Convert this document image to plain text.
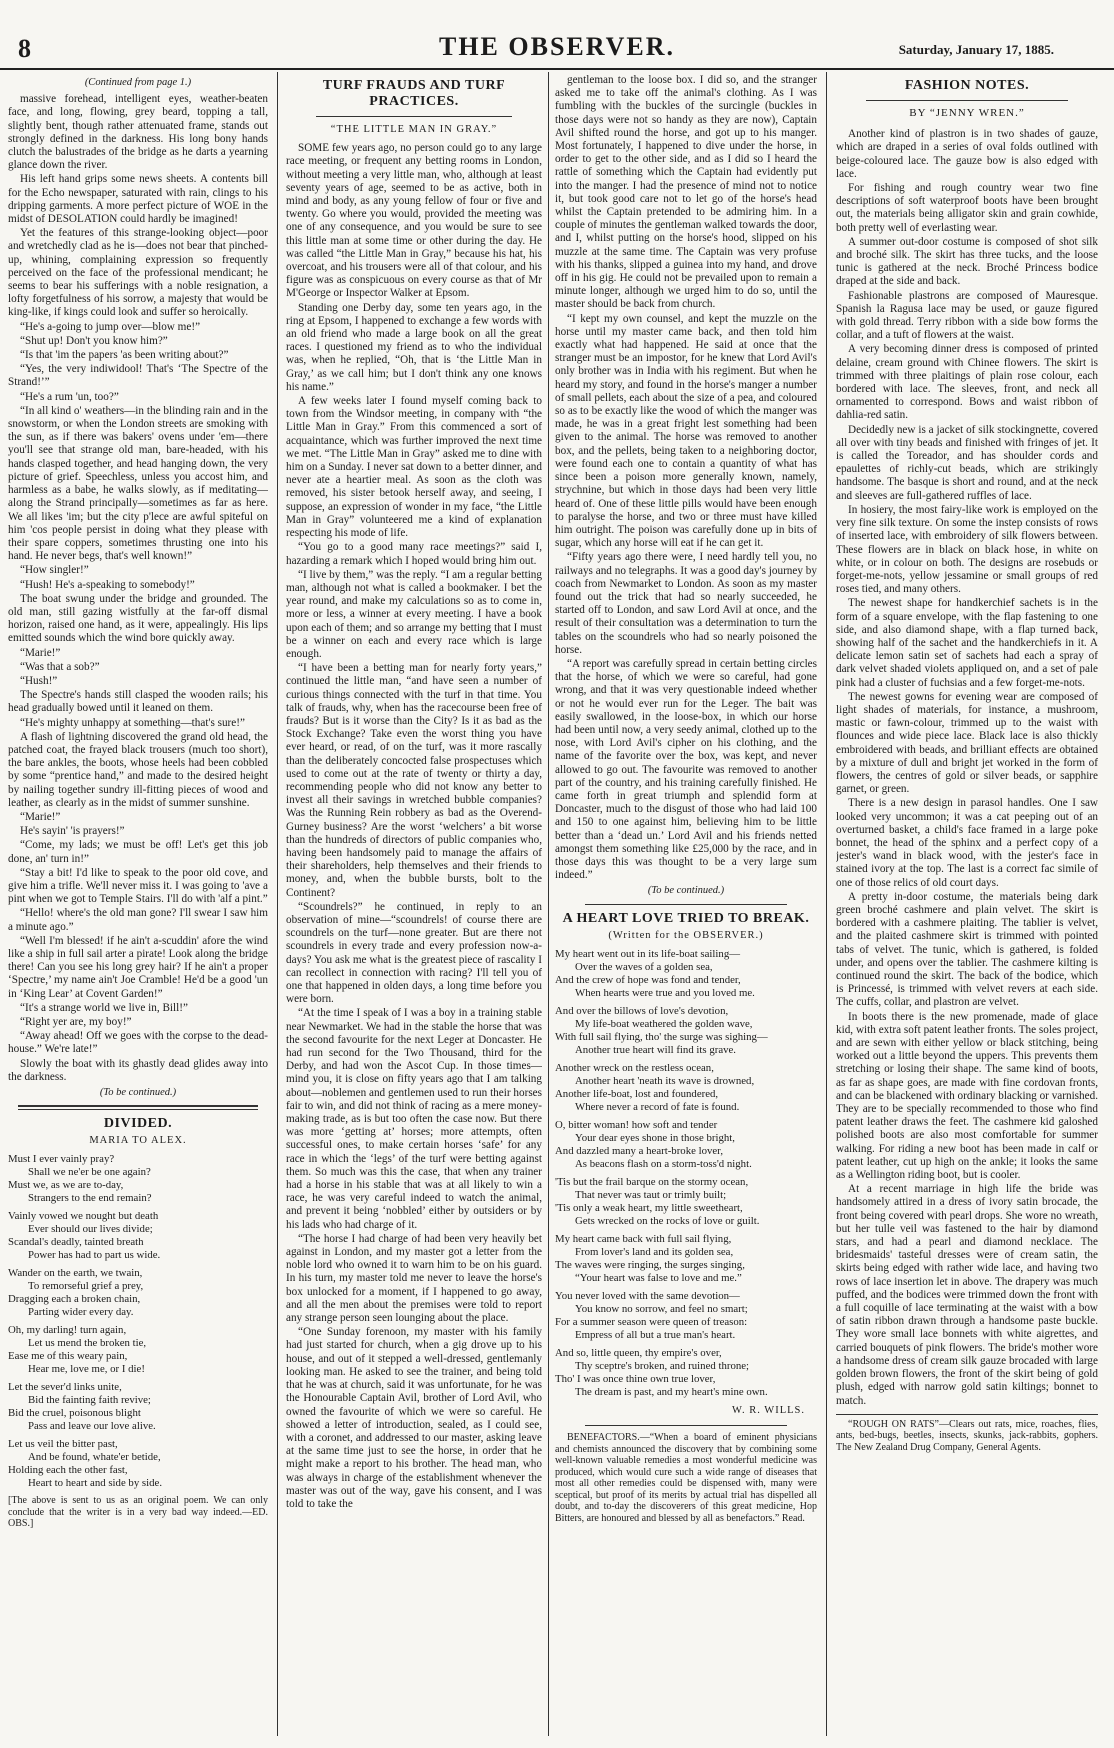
8	THE OBSERVER.	Saturday, January 17, 1885.
(Continued from page 1.)

massive forehead, intelligent eyes, weather-beaten face, and long, flowing, grey beard, topping a tall, slightly bent, though rather attenuated frame, stands out strongly defined in the darkness. His long bony hands clutch the balustrades of the bridge as he darts a yearning glance down the river.

His left hand grips some news sheets. A contents bill for the Echo newspaper, saturated with rain, clings to his dripping garments. A more perfect picture of WOE in the midst of DESOLATION could hardly be imagined!

Yet the features of this strange-looking object—poor and wretchedly clad as he is—does not bear that pinched-up, whining, complaining expression so frequently perceived on the face of the professional mendicant; he seems to bear his sufferings with a noble resignation, a lofty forgetfulness of his sorrow, a majesty that would be king-like, if kings could look and suffer so heroically.

“He's a-going to jump over—blow me!”

“Shut up! Don't you know him?”

“Is that 'im the papers 'as been writing about?”

“Yes, the very indiwidool! That's ‘The Spectre of the Strand!’”

“He's a rum 'un, too?”

“In all kind o' weathers—in the blinding rain and in the snowstorm, or when the London streets are smoking with the sun, as if there was bakers' ovens under 'em—there you'll see that strange old man, bare-headed, with his hands clasped together, and head hanging down, the very picture of grief. Speechless, unless you accost him, and harmless as a babe, he walks slowly, as if meditating—along the Strand principally—sometimes as far as here. We all likes 'im; but the city p'lece are awful spiteful on him 'cos people persist in doing what they please with their spare coppers, sometimes thrusting one into his hand. He never begs, that's well known!”

“How singler!”

“Hush! He's a-speaking to somebody!”

The boat swung under the bridge and grounded. The old man, still gazing wistfully at the far-off dismal horizon, raised one hand, as it were, appealingly. His lips emitted sounds which the wind bore quickly away.

“Marie!”

“Was that a sob?”

“Hush!”

The Spectre's hands still clasped the wooden rails; his head gradually bowed until it leaned on them.

“He's mighty unhappy at something—that's sure!”

A flash of lightning discovered the grand old head, the patched coat, the frayed black trousers (much too short), the bare ankles, the boots, whose heels had been cobbled by some “prentice hand,” and made to the desired height by nailing together sundry ill-fitting pieces of wood and leather, as clearly as in the midst of summer sunshine.

“Marie!”

He's sayin' 'is prayers!”

“Come, my lads; we must be off! Let's get this job done, an' turn in!”

“Stay a bit! I'd like to speak to the poor old cove, and give him a trifle. We'll never miss it. I was going to 'ave a pint when we got to Temple Stairs. I'll do with 'alf a pint.”

“Hello! where's the old man gone? I'll swear I saw him a minute ago.”

“Well I'm blessed! if he ain't a-scuddin' afore the wind like a ship in full sail arter a pirate! Look along the bridge there! Can you see his long grey hair? If he ain't a proper ‘Spectre,’ my name ain't Joe Cramble! He'd be a good 'un in ‘King Lear’ at Covent Garden!”

“It's a strange world we live in, Bill!”

“Right yer are, my boy!”

“Away ahead! Off we goes with the corpse to the dead-house.” We're late!”

Slowly the boat with its ghastly dead glides away into the darkness.

(To be continued.)
DIVIDED.
MARIA TO ALEX.
Must I ever vainly pray?
Shall we ne'er be one again?
Must we, as we are to-day,
Strangers to the end remain?
Vainly vowed we nought but death
Ever should our lives divide;
Scandal's deadly, tainted breath
Power has had to part us wide.
Wander on the earth, we twain,
To remorseful grief a prey,
Dragging each a broken chain,
Parting wider every day.
Oh, my darling! turn again,
Let us mend the broken tie,
Ease me of this weary pain,
Hear me, love me, or I die!
Let the sever'd links unite,
Bid the fainting faith revive;
Bid the cruel, poisonous blight
Pass and leave our love alive.
Let us veil the bitter past,
And be found, whate'er betide,
Holding each the other fast,
Heart to heart and side by side.

[The above is sent to us as an original poem. We can only conclude that the writer is in a very bad way indeed.—ED. OBS.]

TURF FRAUDS AND TURF PRACTICES.
“THE LITTLE MAN IN GRAY.”

SOME few years ago, no person could go to any large race meeting, or frequent any betting rooms in London, without meeting a very little man, who, although at least seventy years of age, seemed to be as active, both in mind and body, as any young fellow of four or five and twenty. Go where you would, provided the meeting was one of any consequence, and you would be sure to see this little man at some time or other during the day. He was called “the Little Man in Gray,” because his hat, his overcoat, and his trousers were all of that colour, and his figure was as conspicuous on every course as that of Mr M'George or Inspector Walker at Epsom.

Standing one Derby day, some ten years ago, in the ring at Epsom, I happened to exchange a few words with an old friend who made a large book on all the great races. I questioned my friend as to who the individual was, when he replied, “Oh, that is ‘the Little Man in Gray,’ as we call him; but I don't think any one knows his name.”

A few weeks later I found myself coming back to town from the Windsor meeting, in company with “the Little Man in Gray.” From this commenced a sort of acquaintance, which was further improved the next time we met. “The Little Man in Gray” asked me to dine with him on a Sunday. I never sat down to a better dinner, and never ate a heartier meal. As soon as the cloth was removed, his sister betook herself away, and seeing, I suppose, an expression of wonder in my face, “the Little Man in Gray” volunteered me a kind of explanation respecting his mode of life.

“You go to a good many race meetings?” said I, hazarding a remark which I hoped would bring him out.

“I live by them,” was the reply. “I am a regular betting man, although not what is called a bookmaker. I bet the year round, and make my calculations so as to come in, more or less, a winner at every meeting. I have a book upon each of them; and so arrange my betting that I must be a winner on each and every race which is large enough.

“I have been a betting man for nearly forty years,” continued the little man, “and have seen a number of curious things connected with the turf in that time. You talk of frauds, why, when has the racecourse been free of frauds? But is it worse than the City? Is it as bad as the Stock Exchange? Take even the worst thing you have ever heard, or read, of on the turf, was it more rascally than the deliberately concocted false prospectuses which used to come out at the rate of twenty or thirty a day, recommending people who did not know any better to invest all their savings in wretched bubble companies? Was the Running Rein robbery as bad as the Overend-Gurney business? Are the worst ‘welchers’ a bit worse than the hundreds of directors of public companies who, having been handsomely paid to manage the affairs of their shareholders, help themselves and their friends to money, and, when the bubble bursts, bolt to the Continent?

“Scoundrels?” he continued, in reply to an observation of mine—“scoundrels! of course there are scoundrels on the turf—none greater. But are there not scoundrels in every trade and every profession now-a-days? You ask me what is the greatest piece of rascality I can recollect in connection with racing? I'll tell you of one that happened in olden days, a long time before you were born.

“At the time I speak of I was a boy in a training stable near Newmarket. We had in the stable the horse that was the second favourite for the next Leger at Doncaster. He had run second for the Two Thousand, third for the Derby, and had won the Ascot Cup. In those times—mind you, it is close on fifty years ago that I am talking about—noblemen and gentlemen used to run their horses fair to win, and did not think of racing as a mere money-making trade, as is but too often the case now. But there was more ‘getting at’ horses; more attempts, often successful ones, to make certain horses ‘safe’ for any race in which the ‘legs’ of the turf were betting against them. So much was this the case, that when any trainer had a horse in his stable that was at all likely to win a race, he was very careful indeed to watch the animal, and prevent it being ‘nobbled’ either by outsiders or by his lads who had charge of it.

“The horse I had charge of had been very heavily bet against in London, and my master got a letter from the noble lord who owned it to warn him to be on his guard. In his turn, my master told me never to leave the horse's box unlocked for a moment, if I happened to go away, and all the men about the premises were told to report any strange person seen lounging about the place.

“One Sunday forenoon, my master with his family had just started for church, when a gig drove up to his house, and out of it stepped a well-dressed, gentlemanly looking man. He asked to see the trainer, and being told that he was at church, said it was unfortunate, for he was the Honourable Captain Avil, brother of Lord Avil, who owned the favourite of which we were so careful. He showed a letter of introduction, sealed, as I could see, with a coronet, and addressed to our master, asking leave at the same time just to see the horse, in order that he might make a report to his brother. The head man, who was always in charge of the establishment whenever the master was out of the way, gave his consent, and I was told to take the

gentleman to the loose box. I did so, and the stranger asked me to take off the animal's clothing. As I was fumbling with the buckles of the surcingle (buckles in those days were not so handy as they are now), Captain Avil shifted round the horse, and got up to his manger. Most fortunately, I happened to dive under the horse, in order to get to the other side, and as I did so I heard the rattle of something which the Captain had evidently put into the manger. I had the presence of mind not to notice it, but took good care not to let go of the horse's head whilst the Captain pretended to be admiring him. In a couple of minutes the gentleman walked towards the door, and I, whilst putting on the horse's hood, slipped on his muzzle at the same time. The Captain was very profuse with his thanks, slipped a guinea into my hand, and drove off in his gig. He could not be prevailed upon to remain a minute longer, although we urged him to do so, until the master should be back from church.

“I kept my own counsel, and kept the muzzle on the horse until my master came back, and then told him exactly what had happened. He said at once that the stranger must be an impostor, for he knew that Lord Avil's only brother was in India with his regiment. But when he heard my story, and found in the horse's manger a number of small pellets, each about the size of a pea, and coloured so as to be exactly like the wood of which the manger was made, he was in a great fright lest something had been given to the animal. The horse was removed to another box, and the pellets, being taken to a neighboring doctor, were found each one to contain a quantity of what has since been a poison more generally known, namely, strychnine, but which in those days had been very little heard of. One of these little pills would have been enough to paralyse the horse, and two or three must have killed him outright. The poison was carefully done up in bits of sugar, which any horse will eat if he can get it.

“Fifty years ago there were, I need hardly tell you, no railways and no telegraphs. It was a good day's journey by coach from Newmarket to London. As soon as my master found out the trick that had so nearly succeeded, he started off to London, and saw Lord Avil at once, and the result of their consultation was a determination to turn the tables on the scoundrels who had so nearly poisoned the horse.

“A report was carefully spread in certain betting circles that the horse, of which we were so careful, had gone wrong, and that it was very questionable indeed whether or not he would ever run for the Leger. The bait was easily swallowed, in the loose-box, in which our horse had been until now, a very seedy animal, clothed up to the nose, with Lord Avil's cipher on his clothing, and the name of the favorite over the box, was kept, and never allowed to go out. The favourite was removed to another part of the country, and his training carefully finished. He came forth in great triumph and splendid form at Doncaster, much to the disgust of those who had laid 100 and 150 to one against him, believing him to be little better than a ‘dead un.’ Lord Avil and his friends netted amongst them something like £25,000 by the race, and in those days this was thought to be a very large sum indeed.”

(To be continued.)
A HEART LOVE TRIED TO BREAK.
(Written for the OBSERVER.)
My heart went out in its life-boat sailing—
Over the waves of a golden sea,
And the crew of hope was fond and tender,
When hearts were true and you loved me.
And over the billows of love's devotion,
My life-boat weathered the golden wave,
With full sail flying, tho' the surge was sighing—
Another true heart will find its grave.
Another wreck on the restless ocean,
Another heart 'neath its wave is drowned,
Another life-boat, lost and foundered,
Where never a record of fate is found.
O, bitter woman! how soft and tender
Your dear eyes shone in those bright,
And dazzled many a heart-broke lover,
As beacons flash on a storm-toss'd night.
'Tis but the frail barque on the stormy ocean,
That never was taut or trimly built;
'Tis only a weak heart, my little sweetheart,
Gets wrecked on the rocks of love or guilt.
My heart came back with full sail flying,
From lover's land and its golden sea,
The waves were ringing, the surges singing,
“Your heart was false to love and me.”
You never loved with the same devotion—
You know no sorrow, and feel no smart;
For a summer season were queen of treason:
Empress of all but a true man's heart.
And so, little queen, thy empire's over,
Thy sceptre's broken, and ruined throne;
Tho' I was once thine own true lover,
The dream is past, and my heart's mine own.
W. R. WILLS.

BENEFACTORS.—“When a board of eminent physicians and chemists announced the discovery that by combining some well-known valuable remedies a most wonderful medicine was produced, which would cure such a wide range of diseases that most all other remedies could be dispensed with, many were sceptical, but proof of its merits by actual trial has dispelled all doubt, and to-day the discoverers of this great medicine, Hop Bitters, are honoured and blessed by all as benefactors.” Read.

FASHION NOTES.
BY “JENNY WREN.”

Another kind of plastron is in two shades of gauze, which are draped in a series of oval folds outlined with beige-coloured lace. The gauze bow is also edged with lace.

For fishing and rough country wear two fine descriptions of soft waterproof boots have been brought out, the materials being alligator skin and grain cowhide, both pretty well of everlasting wear.

A summer out-door costume is composed of shot silk and broché silk. The skirt has three tucks, and the loose tunic is gathered at the neck. Broché Princess bodice draped at the side and back.

Fashionable plastrons are composed of Mauresque. Spanish la Ragusa lace may be used, or gauze figured with gold thread. Terry ribbon with a side bow forms the collar, and a tuft of flowers at the waist.

A very becoming dinner dress is composed of printed delaine, cream ground with Chinee flowers. The skirt is trimmed with three plaitings of plain rose colour, each bordered with lace. The sleeves, front, and neck all ornamented to correspond. Bows and waist ribbon of dahlia-red satin.

Decidedly new is a jacket of silk stockingnette, covered all over with tiny beads and finished with fringes of jet. It is called the Toreador, and has shoulder cords and epaulettes of richly-cut beads, which are strikingly handsome. The basque is short and round, and at the neck and sleeves are full-gathered ruffles of lace.

In hosiery, the most fairy-like work is employed on the very fine silk texture. On some the instep consists of rows of inserted lace, with embroidery of silk flowers between. These flowers are in black on black hose, in white on white, or in colour on both. The designs are rosebuds or forget-me-nots, yellow jessamine or small groups of red roses tied, and many others.

The newest shape for handkerchief sachets is in the form of a square envelope, with the flap fastening to one side, and also diamond shape, with a flap turned back, showing half of the sachet and the handkerchiefs in it. A delicate lemon satin set of sachets had each a spray of dark velvet shaded violets appliqued on, and a set of pale pink had a cluster of fuchsias and a few forget-me-nots.

The newest gowns for evening wear are composed of light shades of materials, for instance, a mushroom, mastic or fawn-colour, trimmed up to the waist with flounces and wide piece lace. Black lace is also thickly embroidered with beads, and brilliant effects are obtained by a mixture of dull and bright jet worked in the form of flowers, the centres of gold or silver beads, or sapphire garnet, or green.

There is a new design in parasol handles. One I saw looked very uncommon; it was a cat peeping out of an overturned basket, a child's face framed in a large poke bonnet, the head of the sphinx and a perfect copy of a jester's wand in black wood, with the jester's face in stained ivory at the top. The last is a correct fac simile of one of those relics of old court days.

A pretty in-door costume, the materials being dark green broché cashmere and plain velvet. The skirt is bordered with a cashmere plaiting. The tablier is velvet, and the plaited cashmere skirt is trimmed with pointed tabs of velvet. The tunic, which is gathered, is folded under, and opens over the tablier. The cashmere kilting is continued round the skirt. The back of the bodice, which is Princessé, is trimmed with velvet revers at each side. The cuffs, collar, and plastron are velvet.

In boots there is the new promenade, made of glace kid, with extra soft patent leather fronts. The soles project, and are sewn with either yellow or black stitching, being worked out a little beyond the uppers. This prevents them stretching or losing their shape. The same kind of boots, as far as shape goes, are made with fine cordovan fronts, and can be blackened with ordinary blacking or varnished. They are to be specially recommended to those who find patent leather draws the feet. The cashmere kid galoshed polished boots are also most comfortable for summer walking. For riding a new boot has been made in calf or patent leather, cut up high on the ankle; it looks the same as a Wellington riding boot, but is cooler.

At a recent marriage in high life the bride was handsomely attired in a dress of ivory satin brocade, the front being covered with pearl drops. She wore no wreath, but her tulle veil was fastened to the hair by diamond stars, and had a pearl and diamond necklace. The bridesmaids' tasteful dresses were of cream satin, the skirts being edged with rather wide lace, and having two rows of lace insertion let in above. The drapery was much puffed, and the bodices were trimmed down the front with a full coquille of lace terminating at the waist with a bow of satin ribbon drawn through a handsome paste buckle. They wore small lace bonnets with white aigrettes, and carried bouquets of pink flowers. The bride's mother wore a handsome dress of cream silk gauze brocaded with large golden brown flowers, the front of the skirt being of gold plush, edged with narrow gold satin kiltings; bonnet to match.

“ROUGH ON RATS”—Clears out rats, mice, roaches, flies, ants, bed-bugs, beetles, insects, skunks, jack-rabbits, gophers. The New Zealand Drug Company, General Agents.
